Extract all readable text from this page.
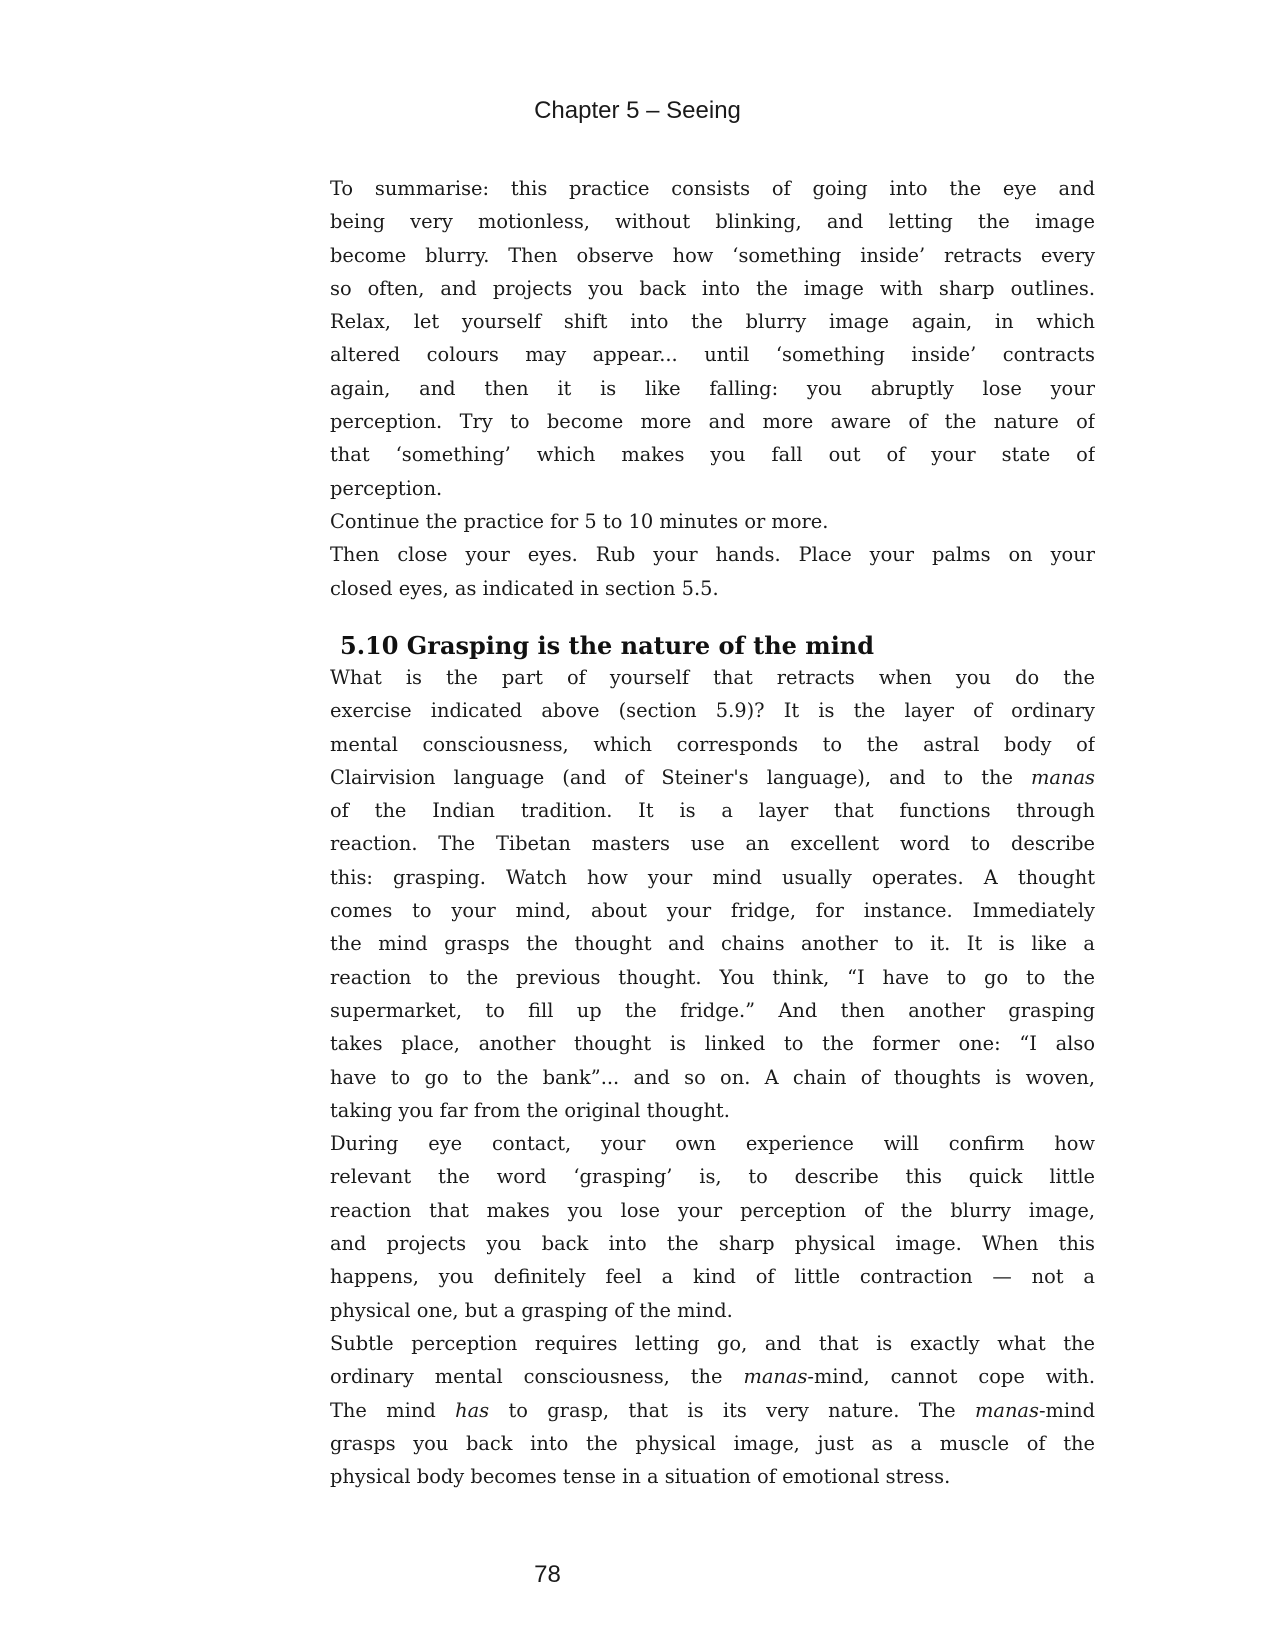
Chapter 5 – Seeing
To summarise: this practice consists of going into the eye and
being very motionless, without blinking, and letting the image
become blurry. Then observe how ‘something inside’ retracts every
so often, and projects you back into the image with sharp outlines.
Relax, let yourself shift into the blurry image again, in which
altered colours may appear... until ‘something inside’ contracts
again, and then it is like falling: you abruptly lose your
perception. Try to become more and more aware of the nature of
that ‘something’ which makes you fall out of your state of
perception.
Continue the practice for 5 to 10 minutes or more.
Then close your eyes. Rub your hands. Place your palms on your
closed eyes, as indicated in section 5.5.
5.10 Grasping is the nature of the mind
What is the part of yourself that retracts when you do the
exercise indicated above (section 5.9)? It is the layer of ordinary
mental consciousness, which corresponds to the astral body of
Clairvision language (and of Steiner's language), and to the manas
of the Indian tradition. It is a layer that functions through
reaction. The Tibetan masters use an excellent word to describe
this: grasping. Watch how your mind usually operates. A thought
comes to your mind, about your fridge, for instance. Immediately
the mind grasps the thought and chains another to it. It is like a
reaction to the previous thought. You think, “I have to go to the
supermarket, to fill up the fridge.” And then another grasping
takes place, another thought is linked to the former one: “I also
have to go to the bank”... and so on. A chain of thoughts is woven,
taking you far from the original thought.
During eye contact, your own experience will confirm how
relevant the word ‘grasping’ is, to describe this quick little
reaction that makes you lose your perception of the blurry image,
and projects you back into the sharp physical image. When this
happens, you definitely feel a kind of little contraction — not a
physical one, but a grasping of the mind.
Subtle perception requires letting go, and that is exactly what the
ordinary mental consciousness, the manas-mind, cannot cope with.
The mind has to grasp, that is its very nature. The manas-mind
grasps you back into the physical image, just as a muscle of the
physical body becomes tense in a situation of emotional stress.
78
